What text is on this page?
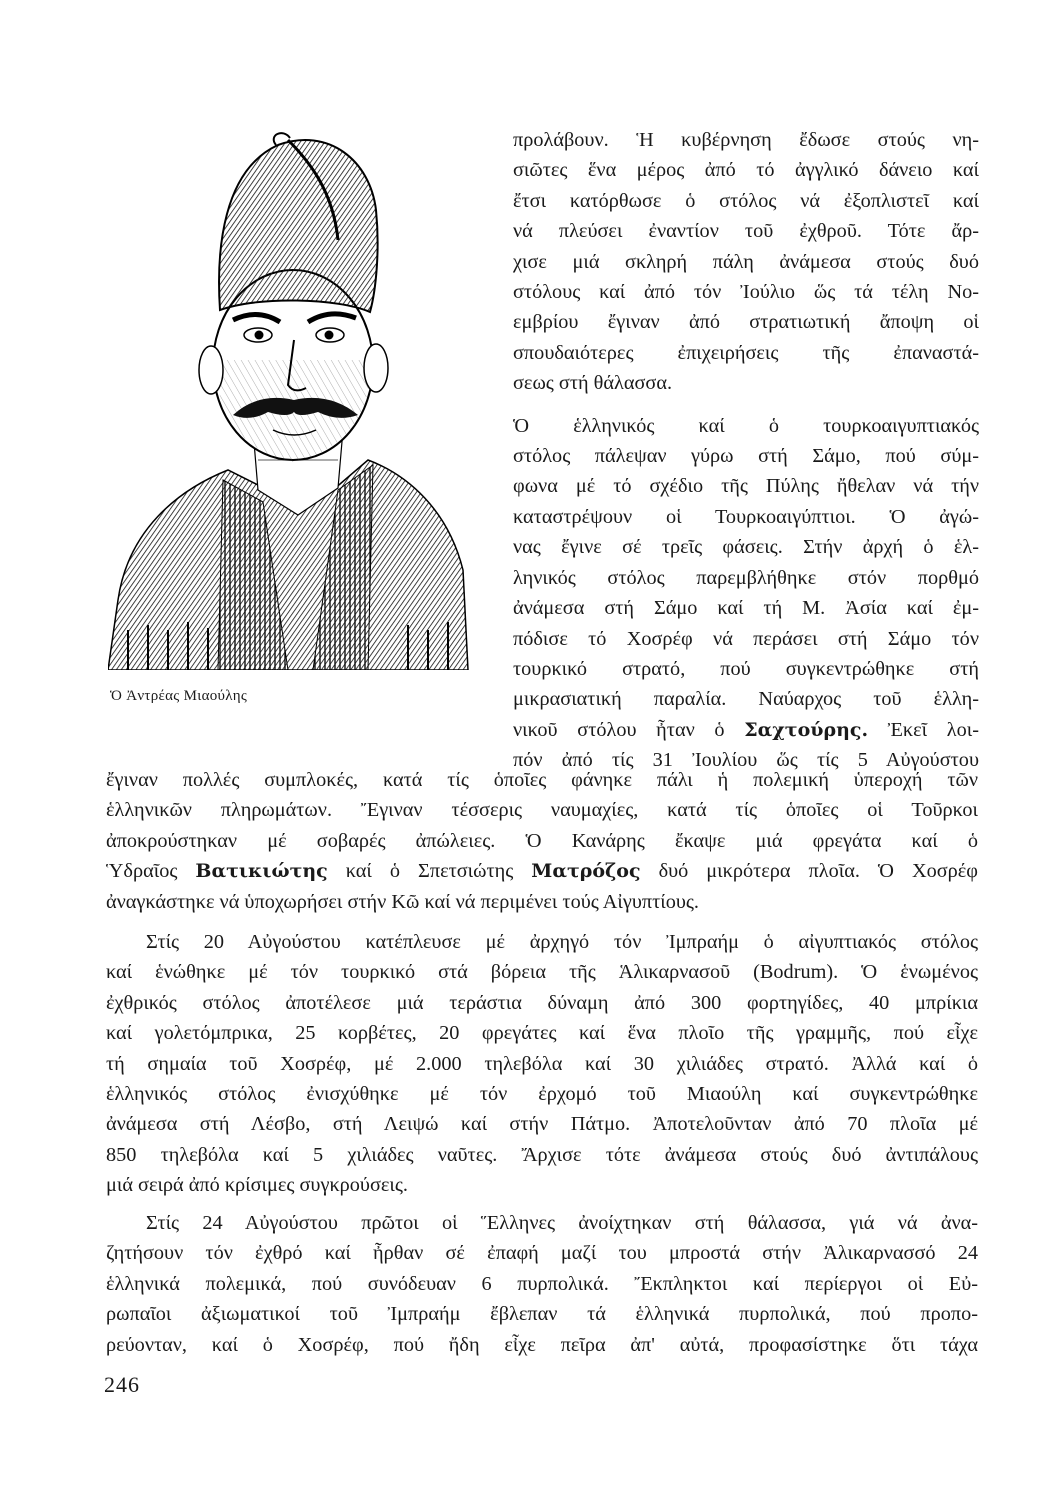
Ὁ Ἀντρέας Μιαούλης

προλάβουν. Ἡ κυβέρνηση ἔδωσε στούς νη-
σιῶτες ἕνα μέρος ἀπό τό ἀγγλικό δάνειο καί
ἔτσι κατόρθωσε ὁ στόλος νά ἐξοπλιστεῖ καί
νά πλεύσει ἐναντίον τοῦ ἐχθροῦ. Τότε ἄρ-
χισε μιά σκληρή πάλη ἀνάμεσα στούς δυό
στόλους καί ἀπό τόν Ἰούλιο ὥς τά τέλη Νο-
εμβρίου ἔγιναν ἀπό στρατιωτική ἄποψη οἱ
σπουδαιότερες ἐπιχειρήσεις τῆς ἐπαναστά-
σεως στή θάλασσα.

Ὁ ἑλληνικός καί ὁ τουρκοαιγυπτιακός
στόλος πάλεψαν γύρω στή Σάμο, πού σύμ-
φωνα μέ τό σχέδιο τῆς Πύλης ἤθελαν νά τήν
καταστρέψουν οἱ Τουρκοαιγύπτιοι. Ὁ ἀγώ-
νας ἔγινε σέ τρεῖς φάσεις. Στήν ἀρχή ὁ ἑλ-
ληνικός στόλος παρεμβλήθηκε στόν πορθμό
ἀνάμεσα στή Σάμο καί τή Μ. Ἀσία καί ἐμ-
πόδισε τό Χοσρέφ νά περάσει στή Σάμο τόν
τουρκικό στρατό, πού συγκεντρώθηκε στή
μικρασιατική παραλία. Ναύαρχος τοῦ ἑλλη-
νικοῦ στόλου ἦταν ὁ Σαχτούρης. Ἐκεῖ λοι-
πόν ἀπό τίς 31 Ἰουλίου ὥς τίς 5 Αὐγούστου

ἔγιναν πολλές συμπλοκές, κατά τίς ὁποῖες φάνηκε πάλι ἡ πολεμική ὑπεροχή τῶν
ἑλληνικῶν πληρωμάτων. Ἔγιναν τέσσερις ναυμαχίες, κατά τίς ὁποῖες οἱ Τοῦρκοι
ἀποκρούστηκαν μέ σοβαρές ἀπώλειες. Ὁ Κανάρης ἔκαψε μιά φρεγάτα καί ὁ
Ὑδραῖος Βατικιώτης καί ὁ Σπετσιώτης Ματρόζος δυό μικρότερα πλοῖα. Ὁ Χοσρέφ
ἀναγκάστηκε νά ὑποχωρήσει στήν Κῶ καί νά περιμένει τούς Αἰγυπτίους.

Στίς 20 Αὐγούστου κατέπλευσε μέ ἀρχηγό τόν Ἰμπραήμ ὁ αἰγυπτιακός στόλος
καί ἑνώθηκε μέ τόν τουρκικό στά βόρεια τῆς Ἁλικαρνασοῦ (Bodrum). Ὁ ἑνωμένος
ἐχθρικός στόλος ἀποτέλεσε μιά τεράστια δύναμη ἀπό 300 φορτηγίδες, 40 μπρίκια
καί γολετόμπρικα, 25 κορβέτες, 20 φρεγάτες καί ἕνα πλοῖο τῆς γραμμῆς, πού εἶχε
τή σημαία τοῦ Χοσρέφ, μέ 2.000 τηλεβόλα καί 30 χιλιάδες στρατό. Ἀλλά καί ὁ
ἑλληνικός στόλος ἐνισχύθηκε μέ τόν ἐρχομό τοῦ Μιαούλη καί συγκεντρώθηκε
ἀνάμεσα στή Λέσβο, στή Λειψώ καί στήν Πάτμο. Ἀποτελοῦνταν ἀπό 70 πλοῖα μέ
850 τηλεβόλα καί 5 χιλιάδες ναῦτες. Ἄρχισε τότε ἀνάμεσα στούς δυό ἀντιπάλους
μιά σειρά ἀπό κρίσιμες συγκρούσεις.

Στίς 24 Αὐγούστου πρῶτοι οἱ Ἕλληνες ἀνοίχτηκαν στή θάλασσα, γιά νά ἀνα-
ζητήσουν τόν ἐχθρό καί ἦρθαν σέ ἐπαφή μαζί του μπροστά στήν Ἀλικαρνασσό 24
ἑλληνικά πολεμικά, πού συνόδευαν 6 πυρπολικά. Ἔκπληκτοι καί περίεργοι οἱ Εὐ-
ρωπαῖοι ἀξιωματικοί τοῦ Ἰμπραήμ ἔβλεπαν τά ἑλληνικά πυρπολικά, πού προπο-
ρεύονταν, καί ὁ Χοσρέφ, πού ἤδη εἶχε πεῖρα ἀπ' αὐτά, προφασίστηκε ὅτι τάχα

246
